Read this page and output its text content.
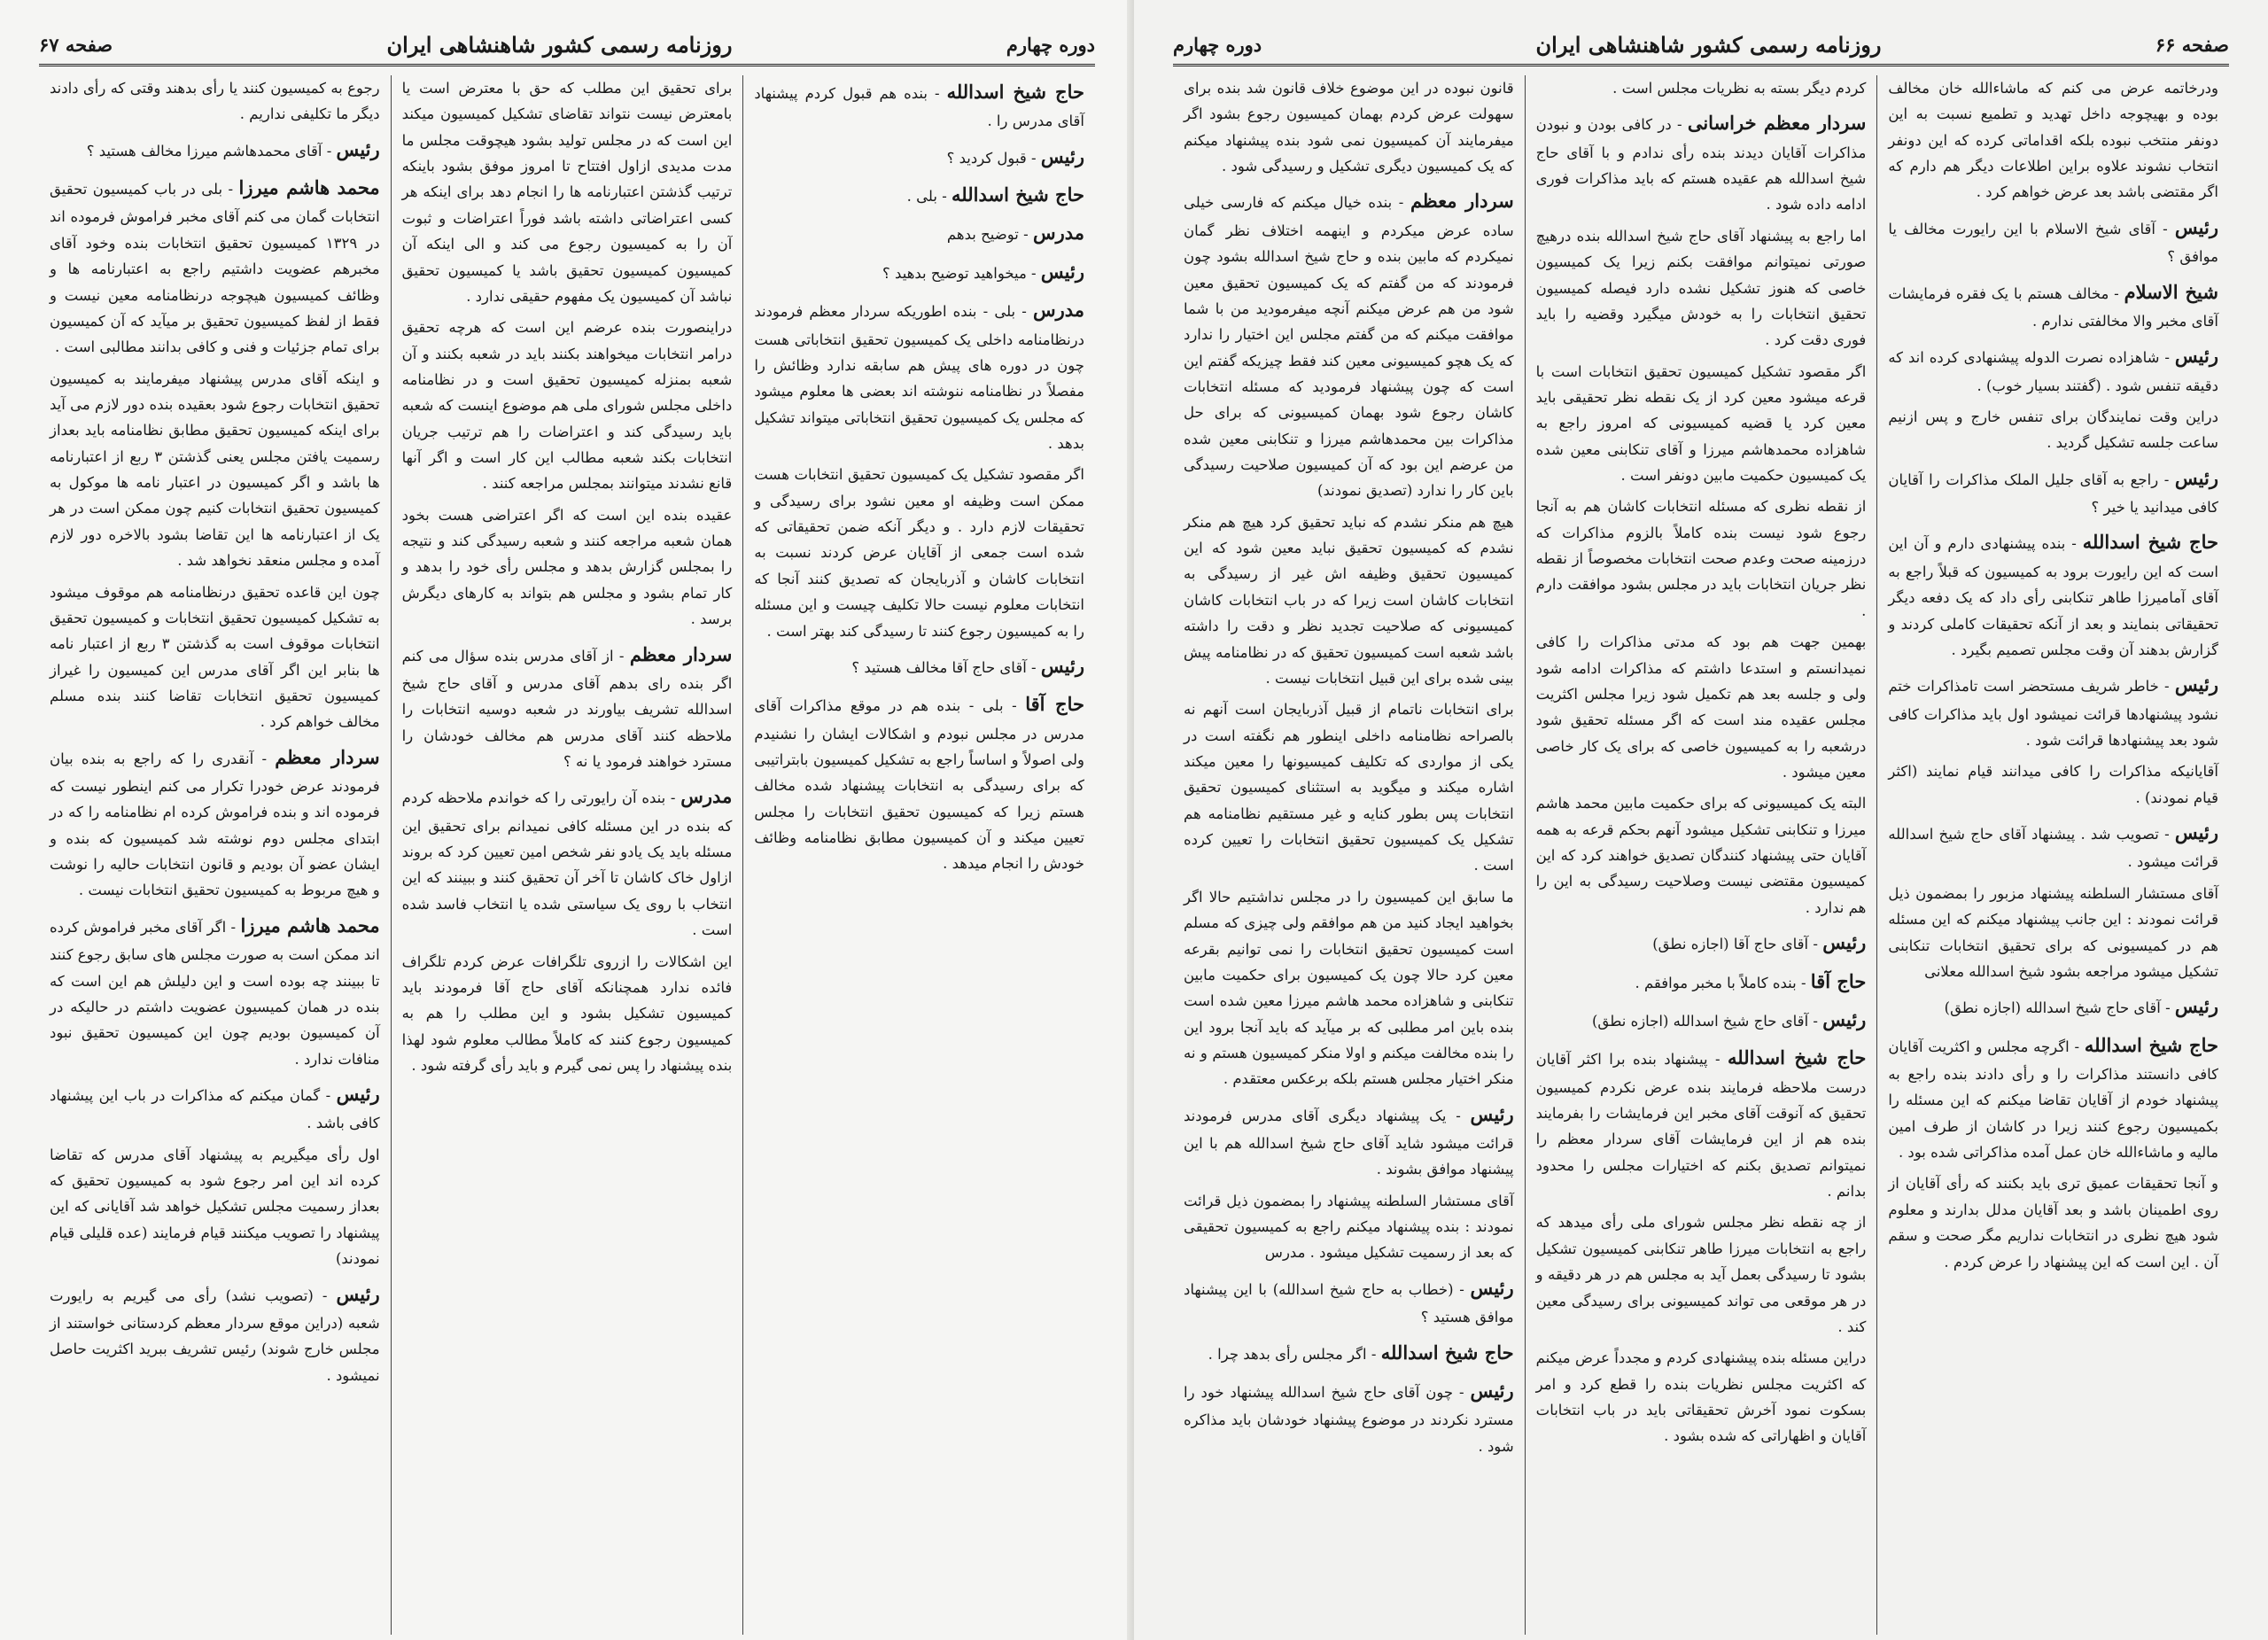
دوره چهارم
روزنامه رسمی کشور شاهنشاهی ایران
صفحه ۶۷

حاج شیخ اسدالله - بنده هم قبول کردم پیشنهاد آقای مدرس را .

رئیس - قبول کردید ؟

حاج شیخ اسدالله - بلی .

مدرس - توضیح بدهم

رئیس - میخواهید توضیح بدهید ؟

مدرس - بلی - بنده اطوریکه سردار معظم فرمودند درنظامنامه داخلی یک کمیسیون تحقیق انتخاباتی هست چون در دوره های پیش هم سابقه ندارد وظائش را مفصلاً در نظامنامه ننوشته اند بعضی ها معلوم میشود که مجلس یک کمیسیون تحقیق انتخاباتی میتواند تشکیل بدهد .

اگر مقصود تشکیل یک کمیسیون تحقیق انتخابات هست ممکن است وظیفه او معین نشود برای رسیدگی و تحقیقات لازم دارد . و دیگر آنکه ضمن تحقیقاتی که شده است جمعی از آقایان عرض کردند نسبت به انتخابات کاشان و آذربایجان که تصدیق کنند آنجا که انتخابات معلوم نیست حالا تکلیف چیست و این مسئله را به کمیسیون رجوع کنند تا رسیدگی کند بهتر است .

رئیس - آقای حاج آقا مخالف هستید ؟

حاج آقا - بلی - بنده هم در موقع مذاکرات آقای مدرس در مجلس نبودم و اشکالات ایشان را نشنیدم ولی اصولاً و اساساً راجع به تشکیل کمیسیون بابتراتیبی که برای رسیدگی به انتخابات پیشنهاد شده مخالف هستم زیرا که کمیسیون تحقیق انتخابات را مجلس تعیین میکند و آن کمیسیون مطابق نظامنامه وظائف خودش را انجام میدهد .

برای تحقیق این مطلب که حق با معترض است یا بامعترض نیست نتواند تقاضای تشکیل کمیسیون میکند این است که در مجلس تولید بشود هیچوقت مجلس ما مدت مدیدی ازاول افتتاح تا امروز موفق بشود باینکه ترتیب گذشتن اعتبارنامه ها را انجام دهد برای اینکه هر کسی اعتراضاتی داشته باشد فوراً اعتراضات و ثبوت آن را به کمیسیون رجوع می کند و الی اینکه آن کمیسیون کمیسیون تحقیق باشد یا کمیسیون تحقیق نباشد آن کمیسیون یک مفهوم حقیقی ندارد .

دراینصورت بنده عرضم این است که هرچه تحقیق درامر انتخابات میخواهند بکنند باید در شعبه بکنند و آن شعبه بمنزله کمیسیون تحقیق است و در نظامنامه داخلی مجلس شورای ملی هم موضوع اینست که شعبه باید رسیدگی کند و اعتراضات را هم ترتیب جریان انتخابات بکند شعبه مطالب این کار است و اگر آنها قانع نشدند میتوانند بمجلس مراجعه کنند .

عقیده بنده این است که اگر اعتراضی هست بخود همان شعبه مراجعه کنند و شعبه رسیدگی کند و نتیجه را بمجلس گزارش بدهد و مجلس رأی خود را بدهد و کار تمام بشود و مجلس هم بتواند به کارهای دیگرش برسد .

سردار معظم - از آقای مدرس بنده سؤال می کنم اگر بنده رای بدهم آقای مدرس و آقای حاج شیخ اسدالله تشریف بیاورند در شعبه دوسیه انتخابات را ملاحظه کنند آقای مدرس هم مخالف خودشان را مسترد خواهند فرمود یا نه ؟

مدرس - بنده آن رایورتی را که خواندم ملاحظه کردم که بنده در این مسئله کافی نمیدانم برای تحقیق این مسئله باید یک یادو نفر شخص امین تعیین کرد که بروند ازاول خاک کاشان تا آخر آن تحقیق کنند و ببینند که این انتخاب با روی یک سیاستی شده یا انتخاب فاسد شده است .

این اشکالات را ازروی تلگرافات عرض کردم تلگراف فائده ندارد همچنانکه آقای حاج آقا فرمودند باید کمیسیون تشکیل بشود و این مطلب را هم به کمیسیون رجوع کنند که کاملاً مطالب معلوم شود لهذا بنده پیشنهاد را پس نمی گیرم و باید رأی گرفته شود .

رجوع به کمیسیون کنند یا رأی بدهند وقتی که رأی دادند دیگر ما تکلیفی نداریم .

رئیس - آقای محمدهاشم میرزا مخالف هستید ؟

محمد هاشم میرزا - بلی در باب کمیسیون تحقیق انتخابات گمان می کنم آقای مخبر فراموش فرموده اند در ۱۳۲۹ کمیسیون تحقیق انتخابات بنده وخود آقای مخبرهم عضویت داشتیم راجع به اعتبارنامه ها و وظائف کمیسیون هیچوجه درنظامنامه معین نیست و فقط از لفظ کمیسیون تحقیق بر میآید که آن کمیسیون برای تمام جزئیات و فنی و کافی بدانند مطالبی است .

و اینکه آقای مدرس پیشنهاد میفرمایند به کمیسیون تحقیق انتخابات رجوع شود بعقیده بنده دور لازم می آید برای اینکه کمیسیون تحقیق مطابق نظامنامه باید بعداز رسمیت یافتن مجلس یعنی گذشتن ۳ ربع از اعتبارنامه ها باشد و اگر کمیسیون در اعتبار نامه ها موکول به کمیسیون تحقیق انتخابات کنیم چون ممکن است در هر یک از اعتبارنامه ها این تقاضا بشود بالاخره دور لازم آمده و مجلس منعقد نخواهد شد .

چون این قاعده تحقیق درنظامنامه هم موقوف میشود به تشکیل کمیسیون تحقیق انتخابات و کمیسیون تحقیق انتخابات موقوف است به گذشتن ۳ ربع از اعتبار نامه ها بنابر این اگر آقای مدرس این کمیسیون را غیراز کمیسیون تحقیق انتخابات تقاضا کنند بنده مسلم مخالف خواهم کرد .

سردار معظم - آنقدری را که راجع به بنده بیان فرمودند عرض خودرا تکرار می کنم اینطور نیست که فرموده اند و بنده فراموش کرده ام نظامنامه را که در ابتدای مجلس دوم نوشته شد کمیسیون که بنده و ایشان عضو آن بودیم و قانون انتخابات حالیه را نوشت و هیچ مربوط به کمیسیون تحقیق انتخابات نیست .

محمد هاشم میرزا - اگر آقای مخبر فراموش کرده اند ممکن است به صورت مجلس های سابق رجوع کنند تا ببینند چه بوده است و این دلیلش هم این است که بنده در همان کمیسیون عضویت داشتم در حالیکه در آن کمیسیون بودیم چون این کمیسیون تحقیق نبود منافات ندارد .

رئیس - گمان میکنم که مذاکرات در باب این پیشنهاد کافی باشد .

اول رأی میگیریم به پیشنهاد آقای مدرس که تقاضا کرده اند این امر رجوع شود به کمیسیون تحقیق که بعداز رسمیت مجلس تشکیل خواهد شد آقایانی که این پیشنهاد را تصویب میکنند قیام فرمایند (عده قلیلی قیام نمودند)

رئیس - (تصویب نشد) رأی می گیریم به رایورت شعبه (دراین موقع سردار معظم کردستانی خواستند از مجلس خارج شوند) رئیس تشریف ببرید اکثریت حاصل نمیشود .

صفحه ۶۶
روزنامه رسمی کشور شاهنشاهی ایران
دوره چهارم

ودرخاتمه عرض می کنم که ماشاءالله خان مخالف بوده و بهیچوجه داخل تهدید و تطمیع نسبت به این دونفر منتخب نبوده بلکه اقداماتی کرده که این دونفر انتخاب نشوند علاوه براین اطلاعات دیگر هم دارم که اگر مقتضی باشد بعد عرض خواهم کرد .

رئیس - آقای شیخ الاسلام با این رایورت مخالف یا موافق ؟

شیخ الاسلام - مخالف هستم با یک فقره فرمایشات آقای مخبر والا مخالفتی ندارم .

رئیس - شاهزاده نصرت الدوله پیشنهادی کرده اند که دقیقه تنفس شود . (گفتند بسیار خوب) .

دراین وقت نمایندگان برای تنفس خارج و پس ازنیم ساعت جلسه تشکیل گردید .

رئیس - راجع به آقای جلیل الملک مذاکرات را آقایان کافی میدانید یا خیر ؟

حاج شیخ اسدالله - بنده پیشنهادی دارم و آن این است که این رایورت برود به کمیسیون که قبلاً راجع به آقای آمامیرزا طاهر تنکابنی رأی داد که یک دفعه دیگر تحقیقاتی بنمایند و بعد از آنکه تحقیقات کاملی کردند و گزارش بدهند آن وقت مجلس تصمیم بگیرد .

رئیس - خاطر شریف مستحضر است تامذاکرات ختم نشود پیشنهادها قرائت نمیشود اول باید مذاکرات کافی شود بعد پیشنهادها قرائت شود .

آقایانیکه مذاکرات را کافی میدانند قیام نمایند (اکثر قیام نمودند) .

رئیس - تصویب شد . پیشنهاد آقای حاج شیخ اسدالله قرائت میشود .

آقای مستشار السلطنه پیشنهاد مزبور را بمضمون ذیل قرائت نمودند : این جانب پیشنهاد میکنم که این مسئله هم در کمیسیونی که برای تحقیق انتخابات تنکابنی تشکیل میشود مراجعه بشود شیخ اسدالله معلانی

رئیس - آقای حاج شیخ اسدالله (اجازه نطق)

حاج شیخ اسدالله - اگرچه مجلس و اکثریت آقایان کافی دانستند مذاکرات را و رأی دادند بنده راجع به پیشنهاد خودم از آقایان تقاضا میکنم که این مسئله را بکمیسیون رجوع کنند زیرا در کاشان از طرف امین مالیه و ماشاءالله خان عمل آمده مذاکراتی شده بود .

و آنجا تحقیقات عمیق تری باید بکنند که رأی آقایان از روی اطمینان باشد و بعد آقایان مدلل بدارند و معلوم شود هیچ نظری در انتخابات نداریم مگر صحت و سقم آن . این است که این پیشنهاد را عرض کردم .

کردم دیگر بسته به نظریات مجلس است .

سردار معظم خراسانی - در کافی بودن و نبودن مذاکرات آقایان دیدند بنده رأی ندادم و با آقای حاج شیخ اسدالله هم عقیده هستم که باید مذاکرات فوری ادامه داده شود .

اما راجع به پیشنهاد آقای حاج شیخ اسدالله بنده درهیچ صورتی نمیتوانم موافقت بکنم زیرا یک کمیسیون خاصی که هنوز تشکیل نشده دارد فیصله کمیسیون تحقیق انتخابات را به خودش میگیرد وقضیه را باید فوری دقت کرد .

اگر مقصود تشکیل کمیسیون تحقیق انتخابات است با قرعه میشود معین کرد از یک نقطه نظر تحقیقی باید معین کرد یا قضیه کمیسیونی که امروز راجع به شاهزاده محمدهاشم میرزا و آقای تنکابنی معین شده یک کمیسیون حکمیت مابین دونفر است .

از نقطه نظری که مسئله انتخابات کاشان هم به آنجا رجوع شود نیست بنده کاملاً بالزوم مذاکرات که درزمینه صحت وعدم صحت انتخابات مخصوصاً از نقطه نظر جریان انتخابات باید در مجلس بشود موافقت دارم .

بهمین جهت هم بود که مدتی مذاکرات را کافی نمیدانستم و استدعا داشتم که مذاکرات ادامه شود ولی و جلسه بعد هم تکمیل شود زیرا مجلس اکثریت مجلس عقیده مند است که اگر مسئله تحقیق شود درشعبه را به کمیسیون خاصی که برای یک کار خاصی معین میشود .

البته یک کمیسیونی که برای حکمیت مابین محمد هاشم میرزا و تنکابنی تشکیل میشود آنهم بحکم قرعه به همه آقایان حتی پیشنهاد کنندگان تصدیق خواهند کرد که این کمیسیون مقتضی نیست وصلاحیت رسیدگی به این را هم ندارد .

رئیس - آقای حاج آقا (اجازه نطق)

حاج آقا - بنده کاملاً با مخبر موافقم .

رئیس - آقای حاج شیخ اسدالله (اجازه نطق)

حاج شیخ اسدالله - پیشنهاد بنده برا اکثر آقایان درست ملاحظه فرمایند بنده عرض نکردم کمیسیون تحقیق که آنوقت آقای مخبر این فرمایشات را بفرمایند بنده هم از این فرمایشات آقای سردار معظم را نمیتوانم تصدیق بکنم که اختیارات مجلس را محدود بدانم .

از چه نقطه نظر مجلس شورای ملی رأی میدهد که راجع به انتخابات میرزا طاهر تنکابنی کمیسیون تشکیل بشود تا رسیدگی بعمل آید به مجلس هم در هر دقیقه و در هر موقعی می تواند کمیسیونی برای رسیدگی معین کند .

دراین مسئله بنده پیشنهادی کردم و مجدداً عرض میکنم که اکثریت مجلس نظریات بنده را قطع کرد و امر بسکوت نمود آخرش تحقیقاتی باید در باب انتخابات آقایان و اظهاراتی که شده بشود .

قانون نبوده در این موضوع خلاف قانون شد بنده برای سهولت عرض کردم بهمان کمیسیون رجوع بشود اگر میفرمایند آن کمیسیون نمی شود بنده پیشنهاد میکنم که یک کمیسیون دیگری تشکیل و رسیدگی شود .

سردار معظم - بنده خیال میکنم که فارسی خیلی ساده عرض میکردم و اینهمه اختلاف نظر گمان نمیکردم که مابین بنده و حاج شیخ اسدالله بشود چون فرمودند که من گفتم که یک کمیسیون تحقیق معین شود من هم عرض میکنم آنچه میفرمودید من با شما موافقت میکنم که من گفتم مجلس این اختیار را ندارد که یک هچو کمیسیونی معین کند فقط چیزیکه گفتم این است که چون پیشنهاد فرمودید که مسئله انتخابات کاشان رجوع شود بهمان کمیسیونی که برای حل مذاکرات بین محمدهاشم میرزا و تنکابنی معین شده من عرضم این بود که آن کمیسیون صلاحیت رسیدگی باین کار را ندارد (تصدیق نمودند)

هیچ هم منکر نشدم که نباید تحقیق کرد هیچ هم منکر نشدم که کمیسیون تحقیق نباید معین شود که این کمیسیون تحقیق وظیفه اش غیر از رسیدگی به انتخابات کاشان است زیرا که در باب انتخابات کاشان کمیسیونی که صلاحیت تجدید نظر و دقت را داشته باشد شعبه است کمیسیون تحقیق که در نظامنامه پیش بینی شده برای این قبیل انتخابات نیست .

برای انتخابات ناتمام از قبیل آذربایجان است آنهم نه بالصراحه نظامنامه داخلی اینطور هم نگفته است در یکی از مواردی که تکلیف کمیسیونها را معین میکند اشاره میکند و میگوید به استثنای کمیسیون تحقیق انتخابات پس بطور کنایه و غیر مستقیم نظامنامه هم تشکیل یک کمیسیون تحقیق انتخابات را تعیین کرده است .

ما سابق این کمیسیون را در مجلس نداشتیم حالا اگر بخواهید ایجاد کنید من هم موافقم ولی چیزی که مسلم است کمیسیون تحقیق انتخابات را نمی توانیم بقرعه معین کرد حالا چون یک کمیسیون برای حکمیت مابین تنکابنی و شاهزاده محمد هاشم میرزا معین شده است بنده باین امر مطلبی که بر میآید که باید آنجا برود این را بنده مخالفت میکنم و اولا منکر کمیسیون هستم و نه منکر اختیار مجلس هستم بلکه برعکس معتقدم .

رئیس - یک پیشنهاد دیگری آقای مدرس فرمودند قرائت میشود شاید آقای حاج شیخ اسدالله هم با این پیشنهاد موافق بشوند .

آقای مستشار السلطنه پیشنهاد را بمضمون ذیل قرائت نمودند : بنده پیشنهاد میکنم راجع به کمیسیون تحقیقی که بعد از رسمیت تشکیل میشود . مدرس

رئیس - (خطاب به حاج شیخ اسدالله) با این پیشنهاد موافق هستید ؟

حاج شیخ اسدالله - اگر مجلس رأی بدهد چرا .

رئیس - چون آقای حاج شیخ اسدالله پیشنهاد خود را مسترد نکردند در موضوع پیشنهاد خودشان باید مذاکره شود .
